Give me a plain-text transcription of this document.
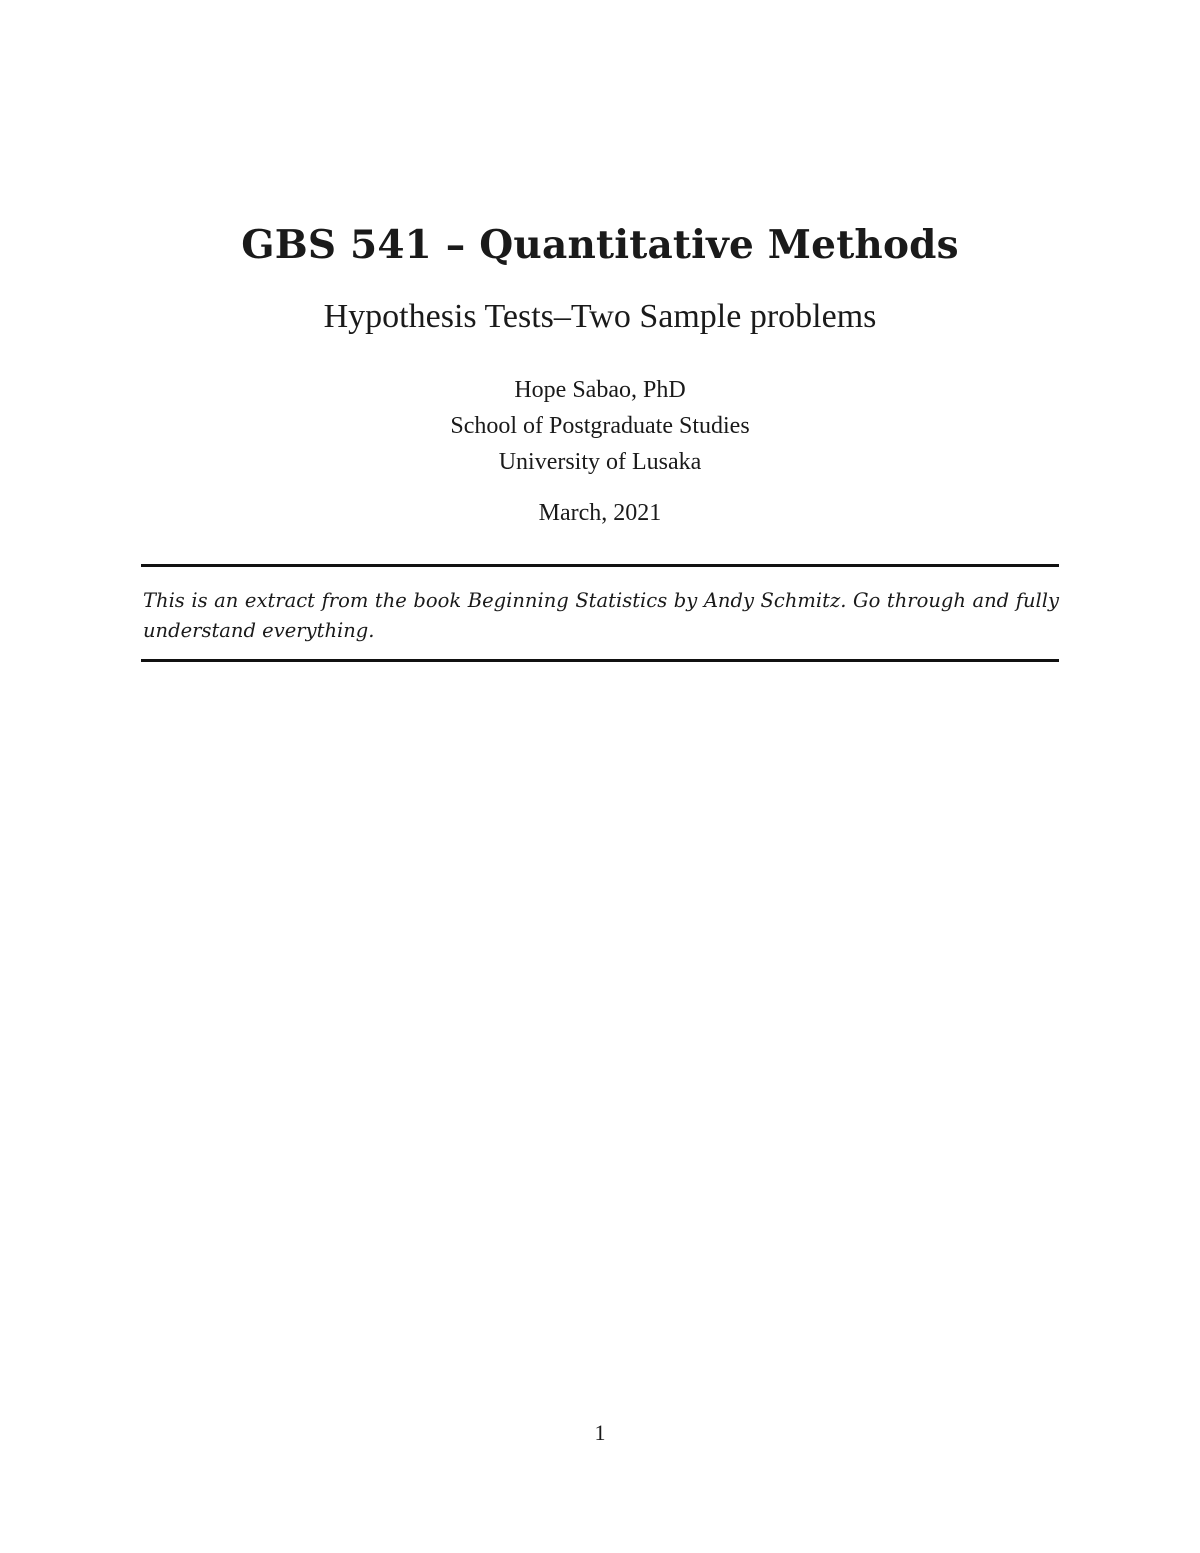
GBS 541 – Quantitative Methods
Hypothesis Tests–Two Sample problems
Hope Sabao, PhD
School of Postgraduate Studies
University of Lusaka
March, 2021
This is an extract from the book Beginning Statistics by Andy Schmitz. Go through and fully understand everything.
1
